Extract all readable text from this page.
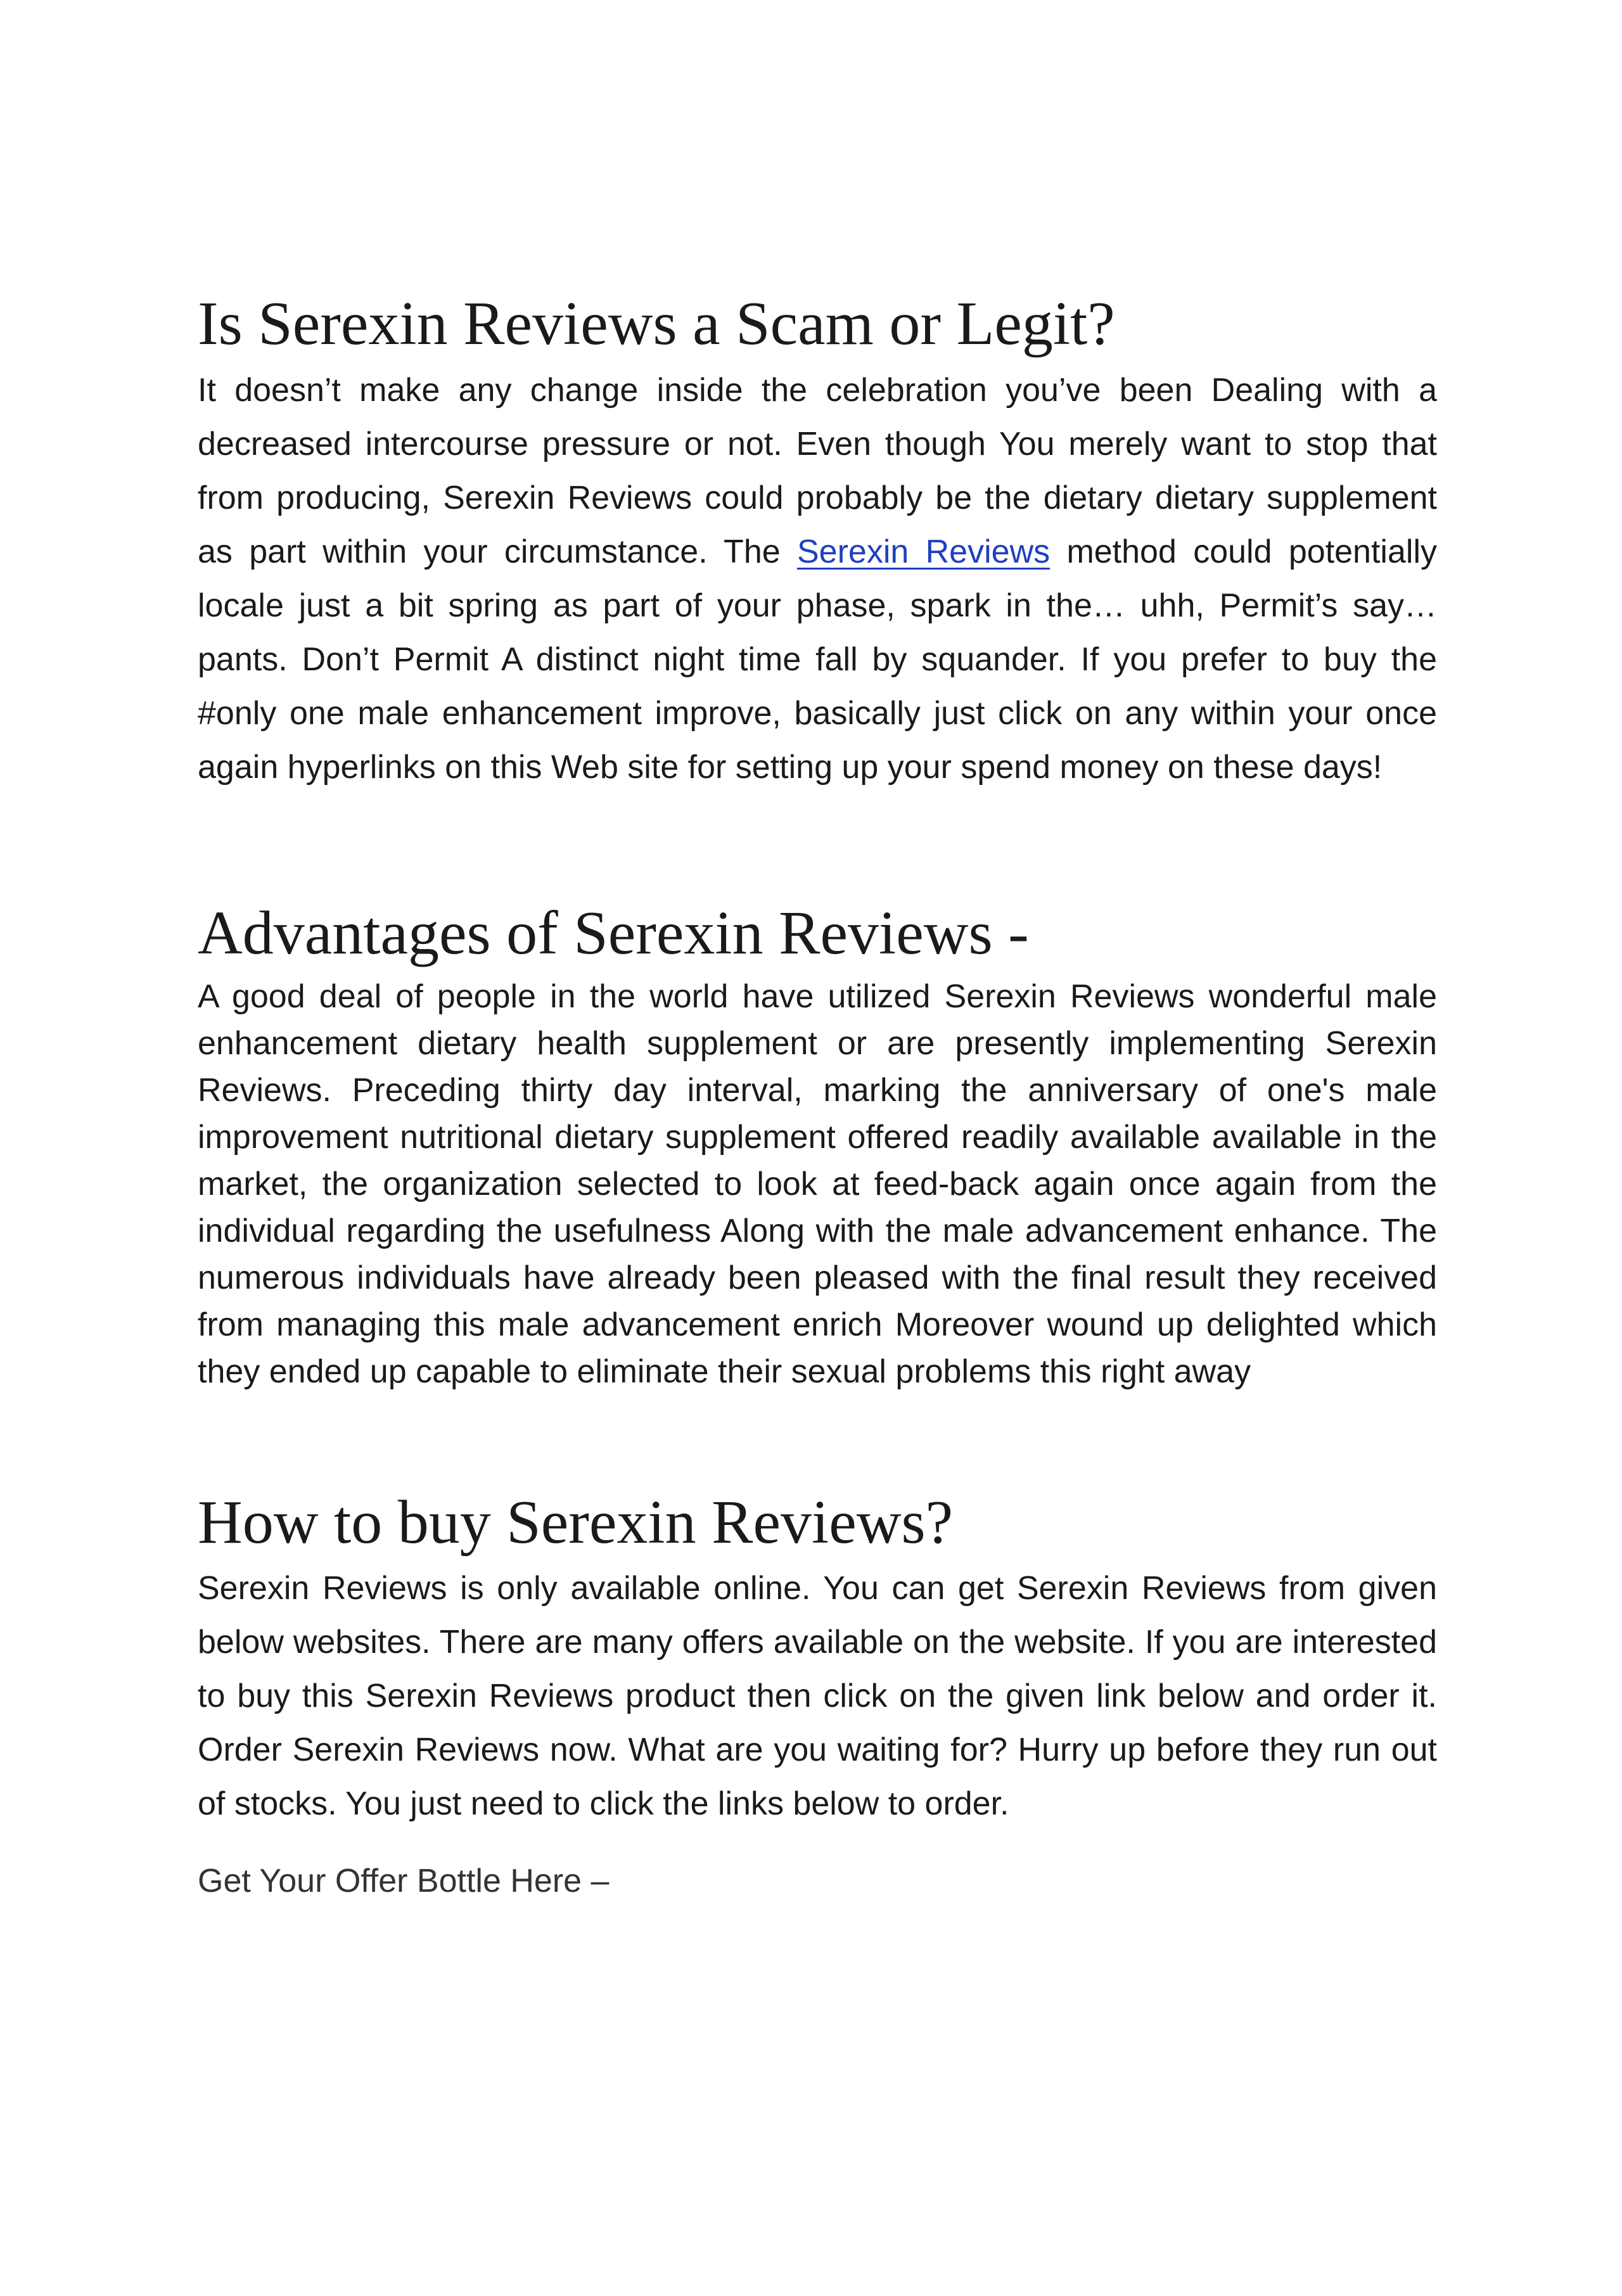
Is Serexin Reviews a Scam or Legit?

It doesn’t make any change inside the celebration you’ve been Dealing with a decreased intercourse pressure or not. Even though You merely want to stop that from producing, Serexin Reviews could probably be the dietary dietary supplement as part within your circumstance. The Serexin Reviews method could potentially locale just a bit spring as part of your phase, spark in the… uhh, Permit’s say… pants. Don’t Permit A distinct night time fall by squander. If you prefer to buy the #only one male enhancement improve, basically just click on any within your once again hyperlinks on this Web site for setting up your spend money on these days!

Advantages of Serexin Reviews -

A good deal of people in the world have utilized Serexin Reviews wonderful male enhancement dietary health supplement or are presently implementing Serexin Reviews. Preceding thirty day interval, marking the anniversary of one's male improvement nutritional dietary supplement offered readily available available in the market, the organization selected to look at feed-back again once again from the individual regarding the usefulness Along with the male advancement enhance. The numerous individuals have already been pleased with the final result they received from managing this male advancement enrich Moreover wound up delighted which they ended up capable to eliminate their sexual problems this right away

How to buy Serexin Reviews?

Serexin Reviews is only available online. You can get Serexin Reviews from given below websites. There are many offers available on the website. If you are interested to buy this Serexin Reviews product then click on the given link below and order it. Order Serexin Reviews now. What are you waiting for? Hurry up before they run out of stocks. You just need to click the links below to order.

Get Your Offer Bottle Here –
